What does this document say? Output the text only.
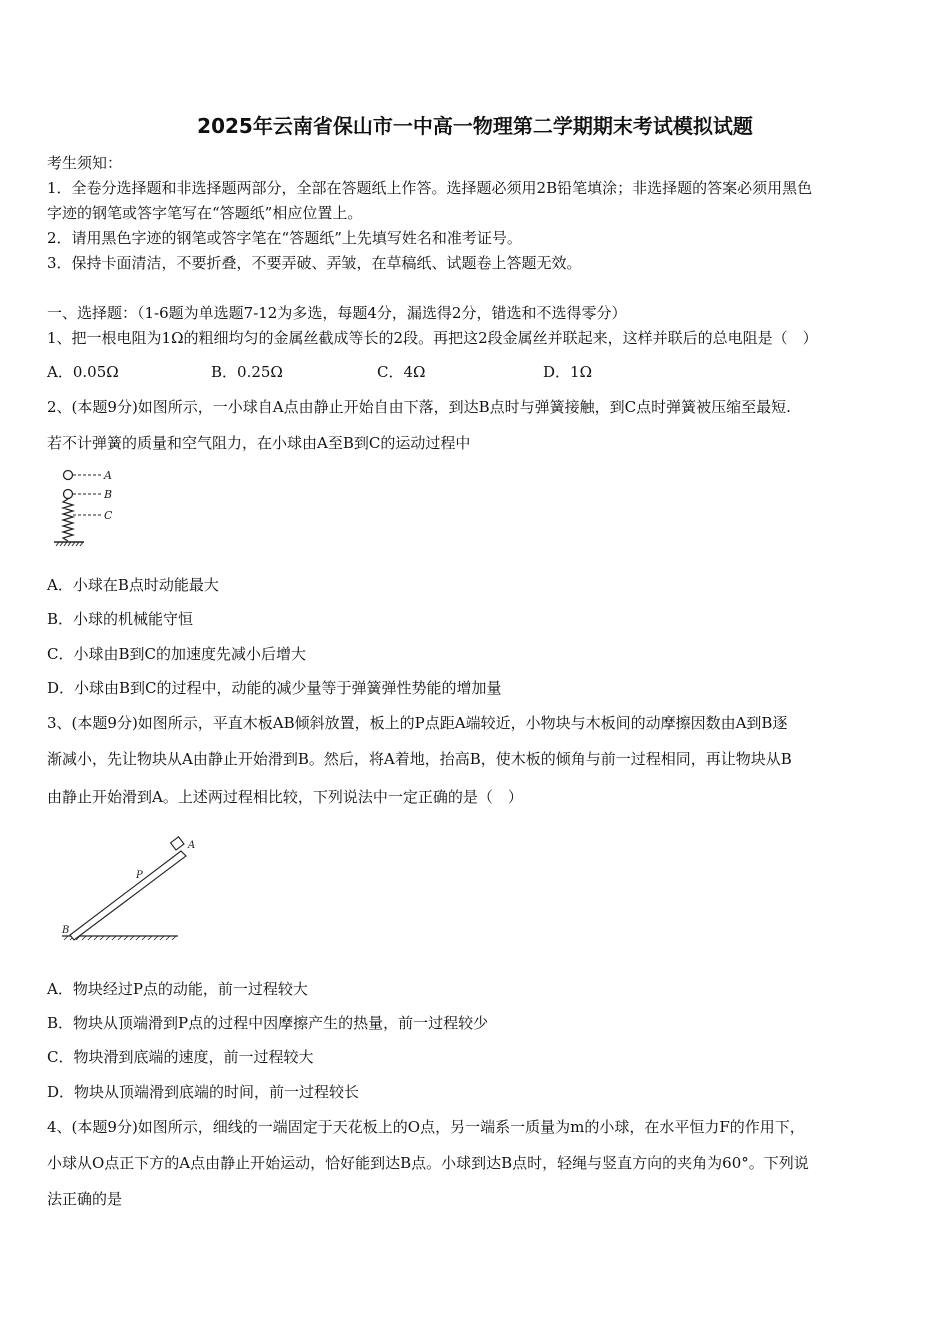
2025年云南省保山市一中高一物理第二学期期末考试模拟试题
考生须知：
1．全卷分选择题和非选择题两部分，全部在答题纸上作答。选择题必须用2B铅笔填涂；非选择题的答案必须用黑色
字迹的钢笔或答字笔写在“答题纸”相应位置上。
2．请用黑色字迹的钢笔或答字笔在“答题纸”上先填写姓名和准考证号。
3．保持卡面清洁，不要折叠，不要弄破、弄皱，在草稿纸、试题卷上答题无效。
一、选择题：（1-6题为单选题7-12为多选，每题4分，漏选得2分，错选和不选得零分）
1、把一根电阻为1Ω的粗细均匀的金属丝截成等长的2段。再把这2段金属丝并联起来，这样并联后的总电阻是（　）
A．0.05Ω	B．0.25Ω	C．4Ω	D．1Ω
2、(本题9分)如图所示，一小球自A点由静止开始自由下落，到达B点时与弹簧接触，到C点时弹簧被压缩至最短.
若不计弹簧的质量和空气阻力，在小球由A至B到C的运动过程中
A
B
C
A．小球在B点时动能最大
B．小球的机械能守恒
C．小球由B到C的加速度先减小后增大
D．小球由B到C的过程中，动能的减少量等于弹簧弹性势能的增加量
3、(本题9分)如图所示，平直木板AB倾斜放置，板上的P点距A端较近，小物块与木板间的动摩擦因数由A到B逐
渐减小，先让物块从A由静止开始滑到B。然后，将A着地，抬高B，使木板的倾角与前一过程相同，再让物块从B
由静止开始滑到A。上述两过程相比较，下列说法中一定正确的是（　）
A
P
B
A．物块经过P点的动能，前一过程较大
B．物块从顶端滑到P点的过程中因摩擦产生的热量，前一过程较少
C．物块滑到底端的速度，前一过程较大
D．物块从顶端滑到底端的时间，前一过程较长
4、(本题9分)如图所示，细线的一端固定于天花板上的O点，另一端系一质量为m的小球，在水平恒力F的作用下，
小球从O点正下方的A点由静止开始运动，恰好能到达B点。小球到达B点时，轻绳与竖直方向的夹角为60°。下列说
法正确的是
